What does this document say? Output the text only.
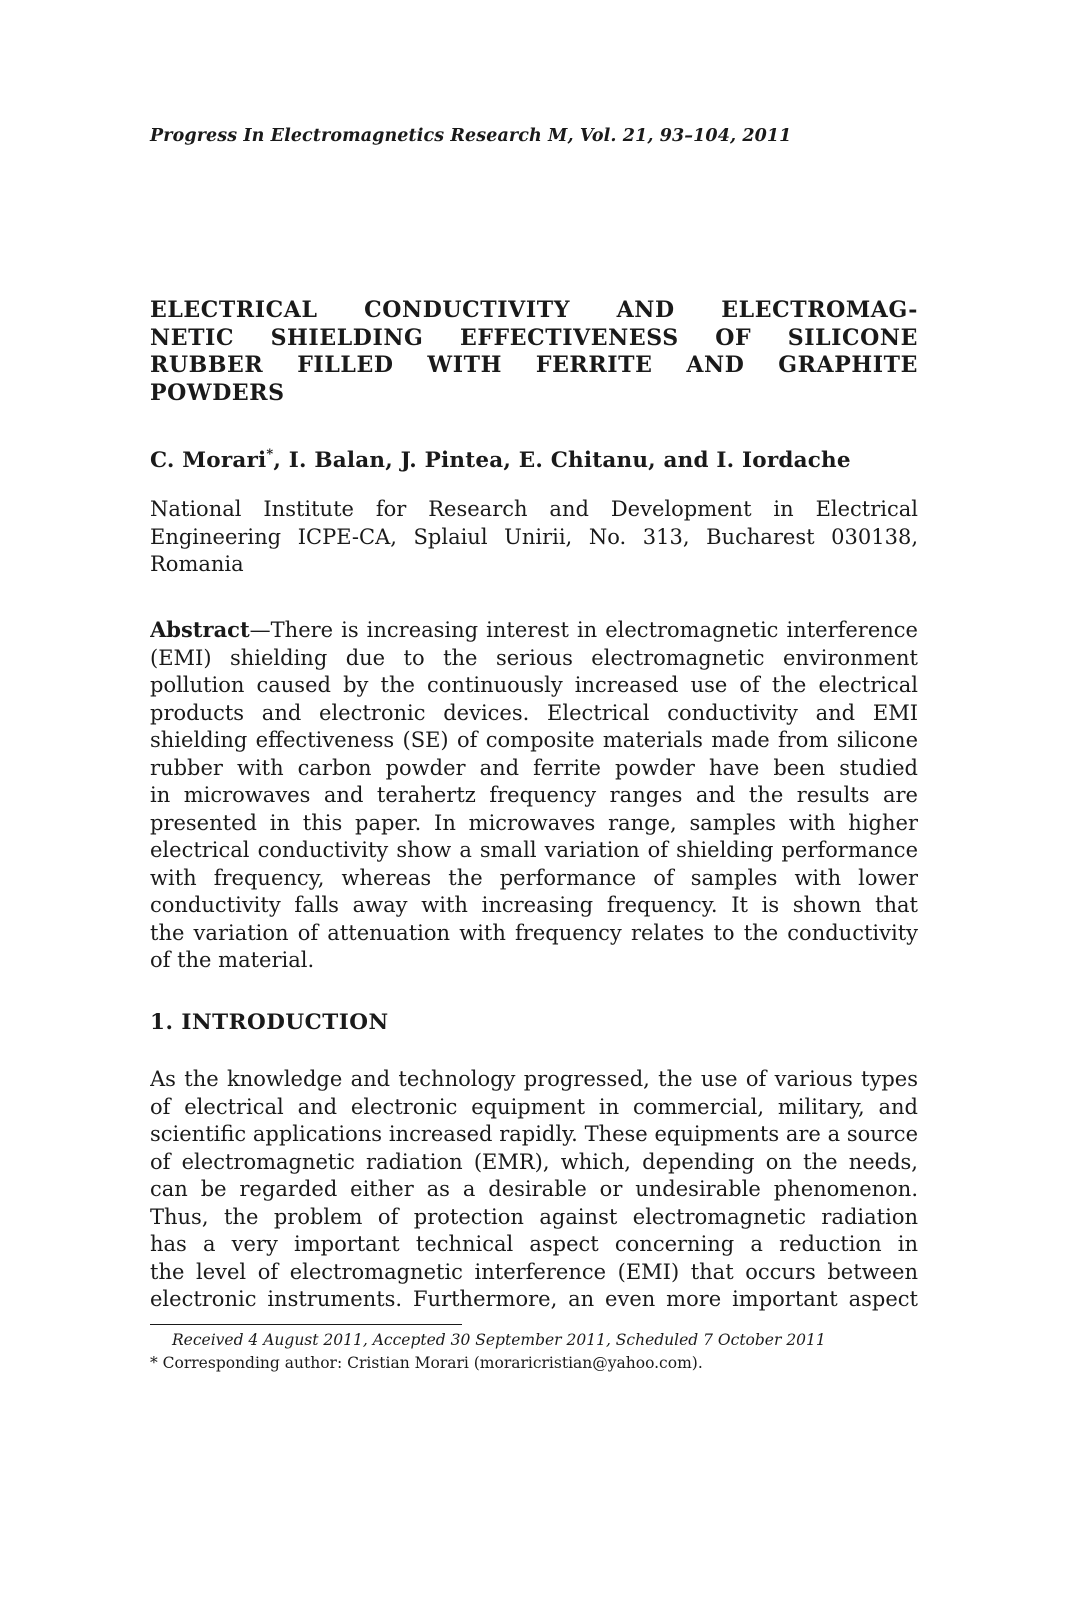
Progress In Electromagnetics Research M, Vol. 21, 93–104, 2011
ELECTRICAL CONDUCTIVITY AND ELECTROMAG-
NETIC SHIELDING EFFECTIVENESS OF SILICONE
RUBBER FILLED WITH FERRITE AND GRAPHITE
POWDERS
C. Morari*, I. Balan, J. Pintea, E. Chitanu, and I. Iordache
National Institute for Research and Development in Electrical
Engineering ICPE-CA, Splaiul Unirii, No. 313, Bucharest 030138,
Romania
Abstract—There is increasing interest in electromagnetic interference
(EMI) shielding due to the serious electromagnetic environment
pollution caused by the continuously increased use of the electrical
products and electronic devices. Electrical conductivity and EMI
shielding effectiveness (SE) of composite materials made from silicone
rubber with carbon powder and ferrite powder have been studied
in microwaves and terahertz frequency ranges and the results are
presented in this paper. In microwaves range, samples with higher
electrical conductivity show a small variation of shielding performance
with frequency, whereas the performance of samples with lower
conductivity falls away with increasing frequency. It is shown that
the variation of attenuation with frequency relates to the conductivity
of the material.
1. INTRODUCTION
As the knowledge and technology progressed, the use of various types
of electrical and electronic equipment in commercial, military, and
scientific applications increased rapidly. These equipments are a source
of electromagnetic radiation (EMR), which, depending on the needs,
can be regarded either as a desirable or undesirable phenomenon.
Thus, the problem of protection against electromagnetic radiation
has a very important technical aspect concerning a reduction in
the level of electromagnetic interference (EMI) that occurs between
electronic instruments. Furthermore, an even more important aspect
Received 4 August 2011, Accepted 30 September 2011, Scheduled 7 October 2011
* Corresponding author: Cristian Morari (moraricristian@yahoo.com).
